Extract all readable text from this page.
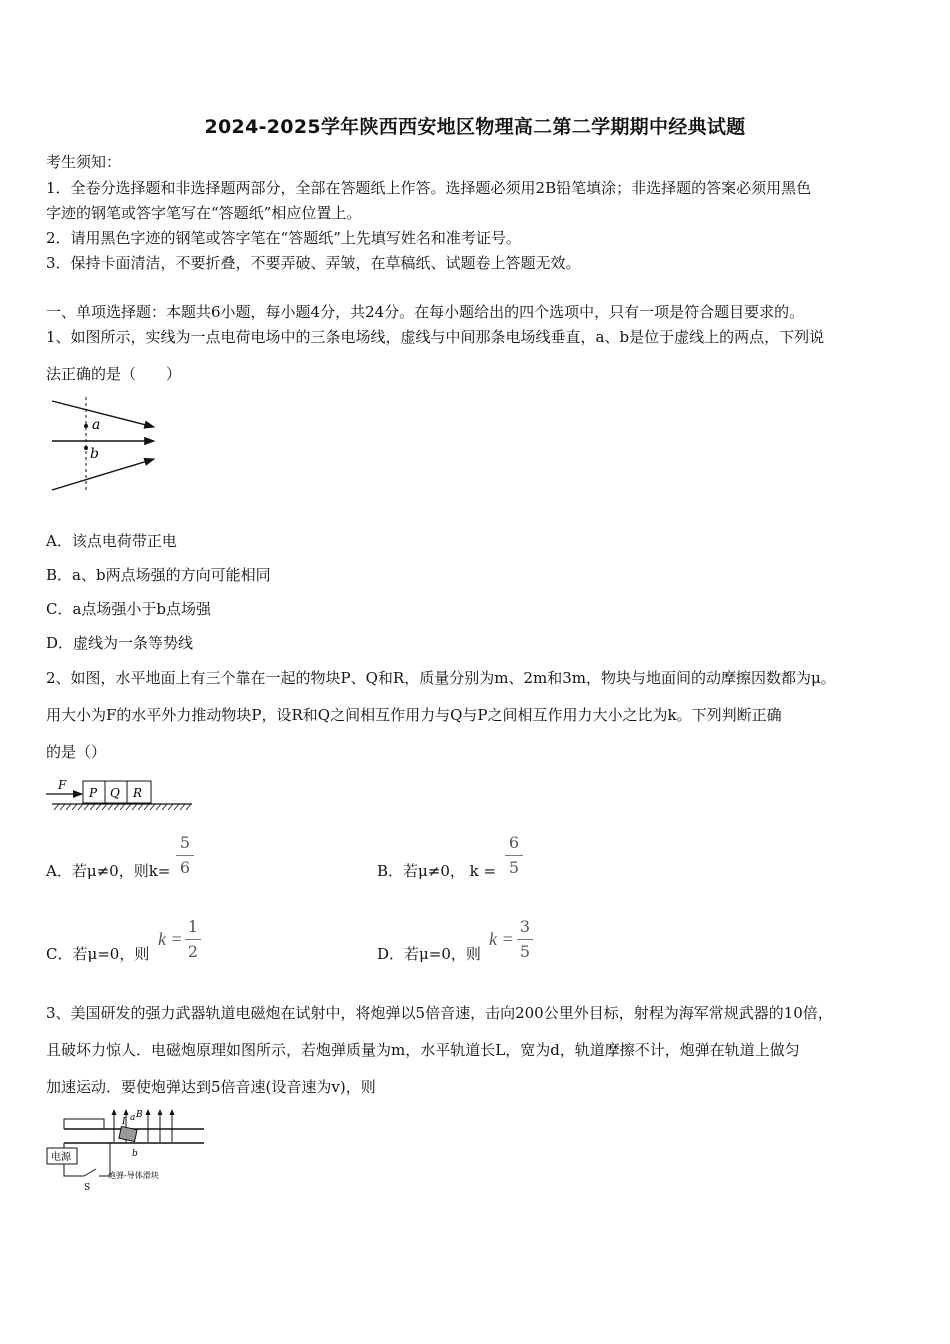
2024-2025学年陕西西安地区物理高二第二学期期中经典试题
考生须知：
1．全卷分选择题和非选择题两部分，全部在答题纸上作答。选择题必须用2B铅笔填涂；非选择题的答案必须用黑色
字迹的钢笔或答字笔写在“答题纸”相应位置上。
2．请用黑色字迹的钢笔或答字笔在“答题纸”上先填写姓名和准考证号。
3．保持卡面清洁，不要折叠，不要弄破、弄皱，在草稿纸、试题卷上答题无效。
一、单项选择题：本题共6小题，每小题4分，共24分。在每小题给出的四个选项中，只有一项是符合题目要求的。
1、如图所示，实线为一点电荷电场中的三条电场线，虚线与中间那条电场线垂直，a、b是位于虚线上的两点，下列说
法正确的是（　　）
a
b
A．该点电荷带正电
B．a、b两点场强的方向可能相同
C．a点场强小于b点场强
D．虚线为一条等势线
2、如图，水平地面上有三个靠在一起的物块P、Q和R，质量分别为m、2m和3m，物块与地面间的动摩擦因数都为μ。
用大小为F的水平外力推动物块P，设R和Q之间相互作用力与Q与P之间相互作用力大小之比为k。下列判断正确
的是（）
F
P Q R
A．若μ≠0，则k=
5
6	B．若μ≠0， k =
6
5
C．若μ=0，则
k =
1
2	D．若μ=0，则
k =
3
5
3、美国研发的强力武器轨道电磁炮在试射中，将炮弹以5倍音速，击向200公里外目标，射程为海军常规武器的10倍，
且破坏力惊人．电磁炮原理如图所示，若炮弹质量为m，水平轨道长L，宽为d，轨道摩擦不计，炮弹在轨道上做匀
加速运动．要使炮弹达到5倍音速(设音速为v)，则
电源
a
I
B
b
S
炮弹-导体滑块
